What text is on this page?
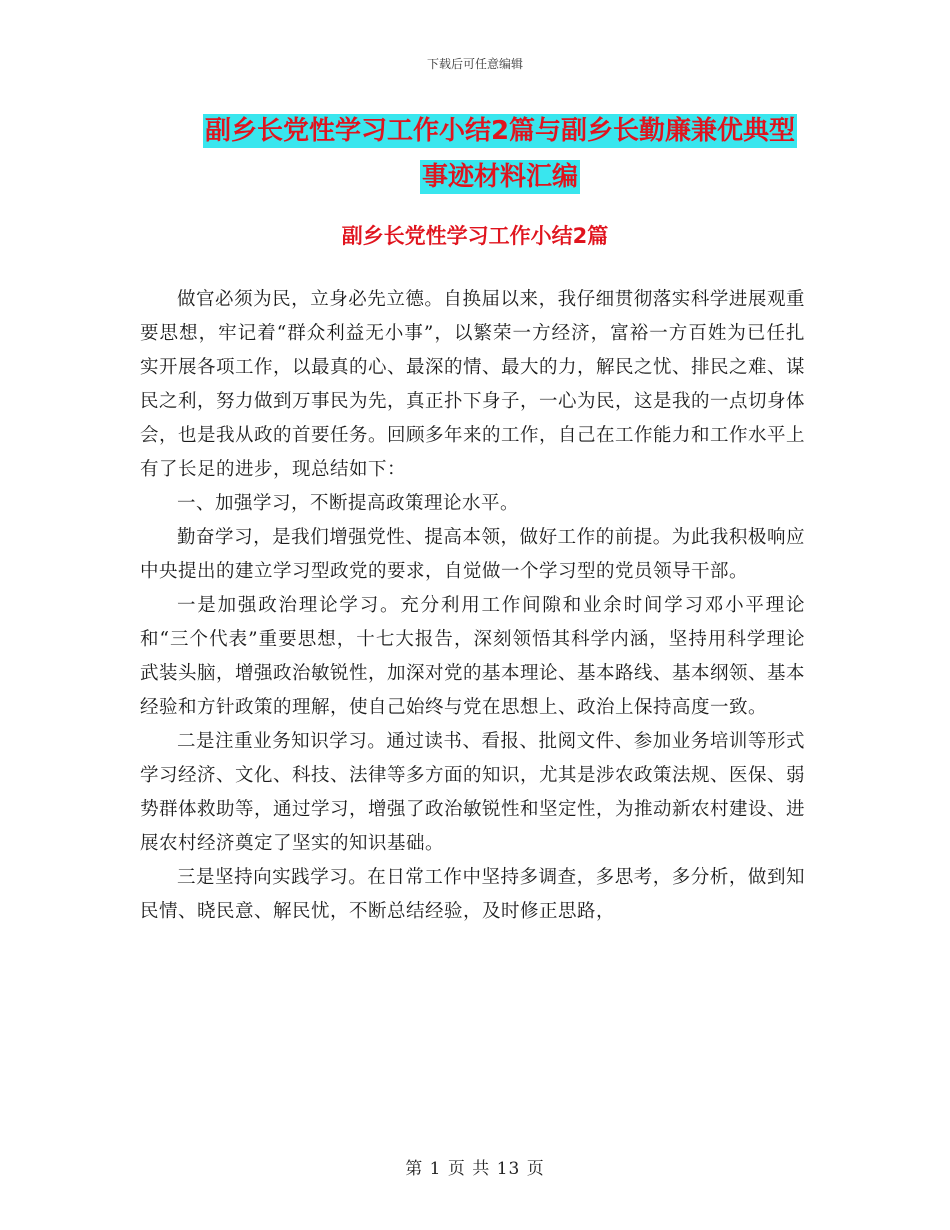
下载后可任意编辑
副乡长党性学习工作小结2篇与副乡长勤廉兼优典型
事迹材料汇编
副乡长党性学习工作小结2篇

做官必须为民，立身必先立德。自换届以来，我仔细贯彻落实科学进展观重要思想，牢记着“群众利益无小事”，以繁荣一方经济，富裕一方百姓为已任扎实开展各项工作，以最真的心、最深的情、最大的力，解民之忧、排民之难、谋民之利，努力做到万事民为先，真正扑下身子，一心为民，这是我的一点切身体会，也是我从政的首要任务。回顾多年来的工作，自己在工作能力和工作水平上有了长足的进步，现总结如下：

一、加强学习，不断提高政策理论水平。

勤奋学习，是我们增强党性、提高本领，做好工作的前提。为此我积极响应中央提出的建立学习型政党的要求，自觉做一个学习型的党员领导干部。

一是加强政治理论学习。充分利用工作间隙和业余时间学习邓小平理论和“三个代表”重要思想，十七大报告，深刻领悟其科学内涵，坚持用科学理论武装头脑，增强政治敏锐性，加深对党的基本理论、基本路线、基本纲领、基本经验和方针政策的理解，使自己始终与党在思想上、政治上保持高度一致。

二是注重业务知识学习。通过读书、看报、批阅文件、参加业务培训等形式学习经济、文化、科技、法律等多方面的知识，尤其是涉农政策法规、医保、弱势群体救助等，通过学习，增强了政治敏锐性和坚定性，为推动新农村建设、进展农村经济奠定了坚实的知识基础。

三是坚持向实践学习。在日常工作中坚持多调查，多思考，多分析，做到知民情、晓民意、解民忧，不断总结经验，及时修正思路，

第 1 页 共 13 页
